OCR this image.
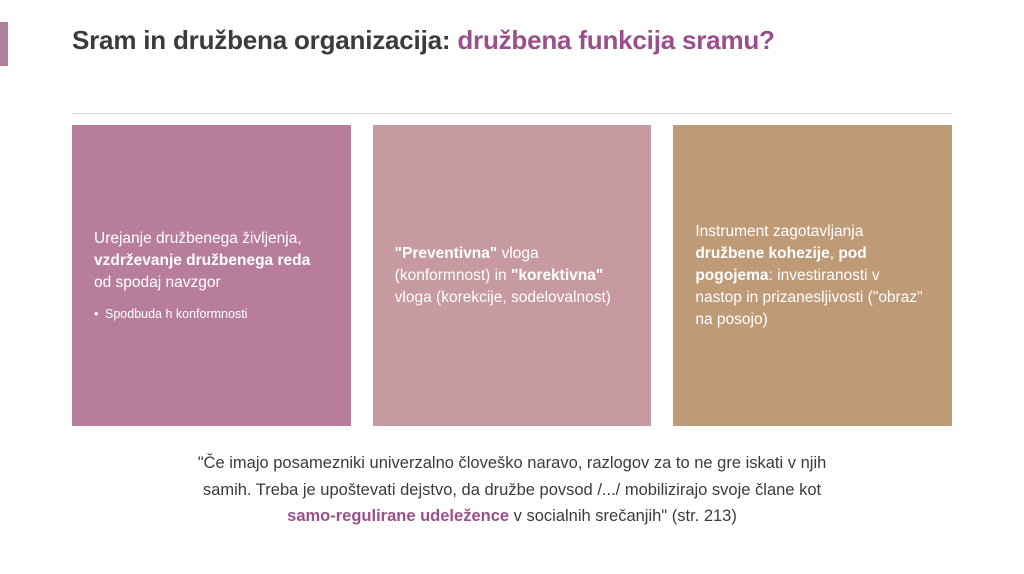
Sram in družbena organizacija: družbena funkcija sramu?

Urejanje družbenega življenja, vzdrževanje družbenega reda od spodaj navzgor

• Spodbuda h konformnosti

"Preventivna" vloga (konformnost) in "korektivna" vloga (korekcije, sodelovalnost)

Instrument zagotavljanja družbene kohezije, pod pogojema: investiranosti v nastop in prizanesljivosti ("obraz" na posojo)

"Če imajo posamezniki univerzalno človeško naravo, razlogov za to ne gre iskati v njih
samih. Treba je upoštevati dejstvo, da družbe povsod /.../ mobilizirajo svoje člane kot
samo-regulirane udeležence v socialnih srečanjih" (str. 213)
